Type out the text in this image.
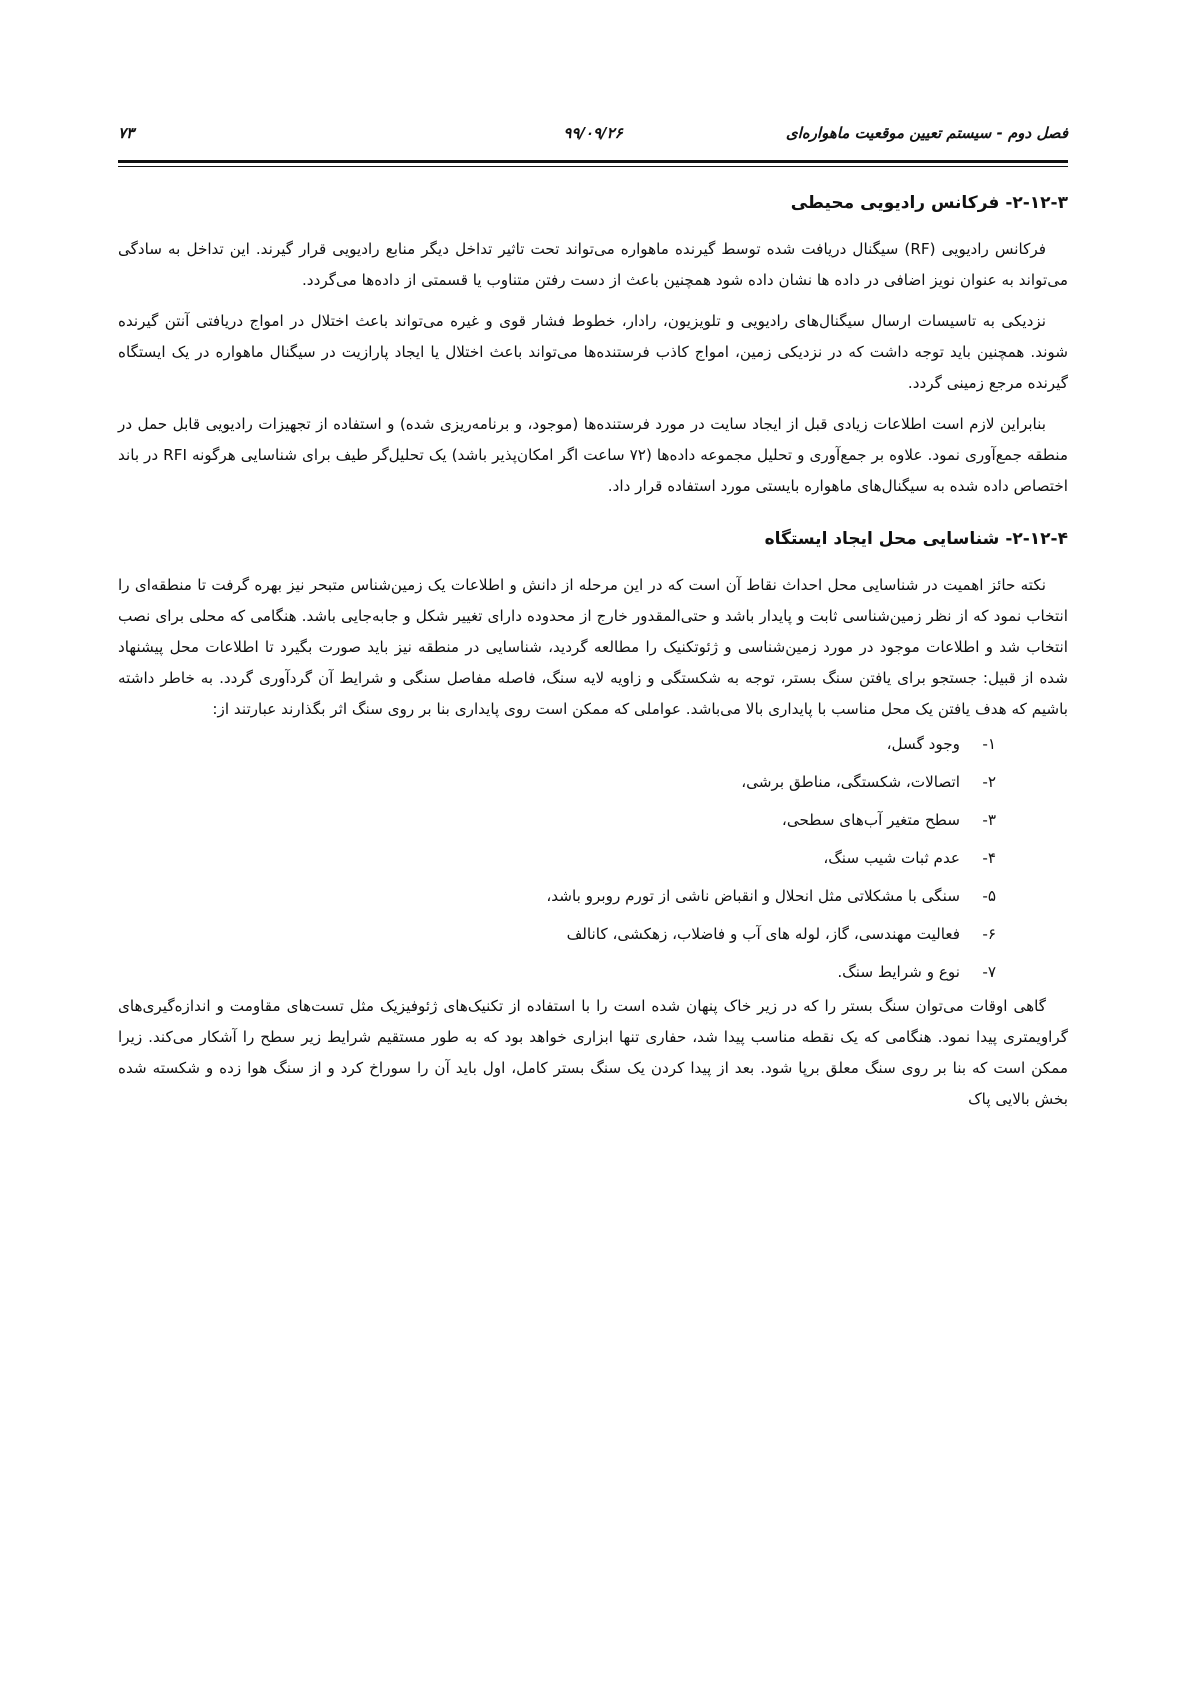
فصل دوم - سیستم تعیین موقعیت ماهواره‌ای
۹۹/۰۹/۲۶
۷۳
۲-۱۲-۳- فرکانس رادیویی محیطی

فرکانس رادیویی (RF) سیگنال دریافت شده توسط گیرنده ماهواره می‌تواند تحت تاثیر تداخل دیگر منابع رادیویی قرار گیرند. این تداخل به سادگی می‌تواند به عنوان نویز اضافی در داده ها نشان داده شود همچنین باعث از دست رفتن متناوب یا قسمتی از داده‌ها می‌گردد.

نزدیکی به تاسیسات ارسال سیگنال‌های رادیویی و تلویزیون، رادار، خطوط فشار قوی و غیره می‌تواند باعث اختلال در امواج دریافتی آنتن گیرنده شوند. همچنین باید توجه داشت که در نزدیکی زمین، امواج کاذب فرستنده‌ها می‌تواند باعث اختلال یا ایجاد پارازیت در سیگنال ماهواره در یک ایستگاه گیرنده مرجع زمینی گردد.

بنابراین لازم است اطلاعات زیادی قبل از ایجاد سایت در مورد فرستنده‌ها (موجود، و برنامه‌ریزی شده) و استفاده از تجهیزات رادیویی قابل حمل در منطقه جمع‌آوری نمود. علاوه بر جمع‌آوری و تحلیل مجموعه داده‌ها (۷۲ ساعت اگر امکان‌پذیر باشد) یک تحلیل‌گر طیف برای شناسایی هرگونه RFI در باند اختصاص داده شده به سیگنال‌های ماهواره بایستی مورد استفاده قرار داد.

۲-۱۲-۴- شناسایی محل ایجاد ایستگاه

نکته حائز اهمیت در شناسایی محل احداث نقاط آن است که در این مرحله از دانش و اطلاعات یک زمین‌شناس متبحر نیز بهره گرفت تا منطقه‌ای را انتخاب نمود که از نظر زمین‌شناسی ثابت و پایدار باشد و حتی‌المقدور خارج از محدوده دارای تغییر شکل و جابه‌جایی باشد. هنگامی که محلی برای نصب انتخاب شد و اطلاعات موجود در مورد زمین‌شناسی و ژئوتکنیک را مطالعه گردید، شناسایی در منطقه نیز باید صورت بگیرد تا اطلاعات محل پیشنهاد شده از قبیل: جستجو برای یافتن سنگ بستر، توجه به شکستگی و زاویه لایه سنگ، فاصله مفاصل سنگی و شرایط آن گردآوری گردد. به خاطر داشته باشیم که هدف یافتن یک محل مناسب با پایداری بالا می‌باشد. عواملی که ممکن است روی پایداری بنا بر روی سنگ اثر بگذارند عبارتند از:

۱-
وجود گسل،
۲-
اتصالات، شکستگی، مناطق برشی،
۳-
سطح متغیر آب‌های سطحی،
۴-
عدم ثبات شیب سنگ،
۵-
سنگی با مشکلاتی مثل انحلال و انقباض ناشی از تورم روبرو باشد،
۶-
فعالیت مهندسی، گاز، لوله های آب و فاضلاب، زهکشی، کانالف
۷-
نوع و شرایط سنگ.

گاهی اوقات می‌توان سنگ بستر را که در زیر خاک پنهان شده است را با استفاده از تکنیک‌های ژئوفیزیک مثل تست‌های مقاومت و اندازه‌گیری‌های گراویمتری پیدا نمود. هنگامی که یک نقطه مناسب پیدا شد، حفاری تنها ابزاری خواهد بود که به طور مستقیم شرایط زیر سطح را آشکار می‌کند. زیرا ممکن است که بنا بر روی سنگ معلق برپا شود. بعد از پیدا کردن یک سنگ بستر کامل، اول باید آن را سوراخ کرد و از سنگ هوا زده و شکسته شده بخش بالایی پاک
